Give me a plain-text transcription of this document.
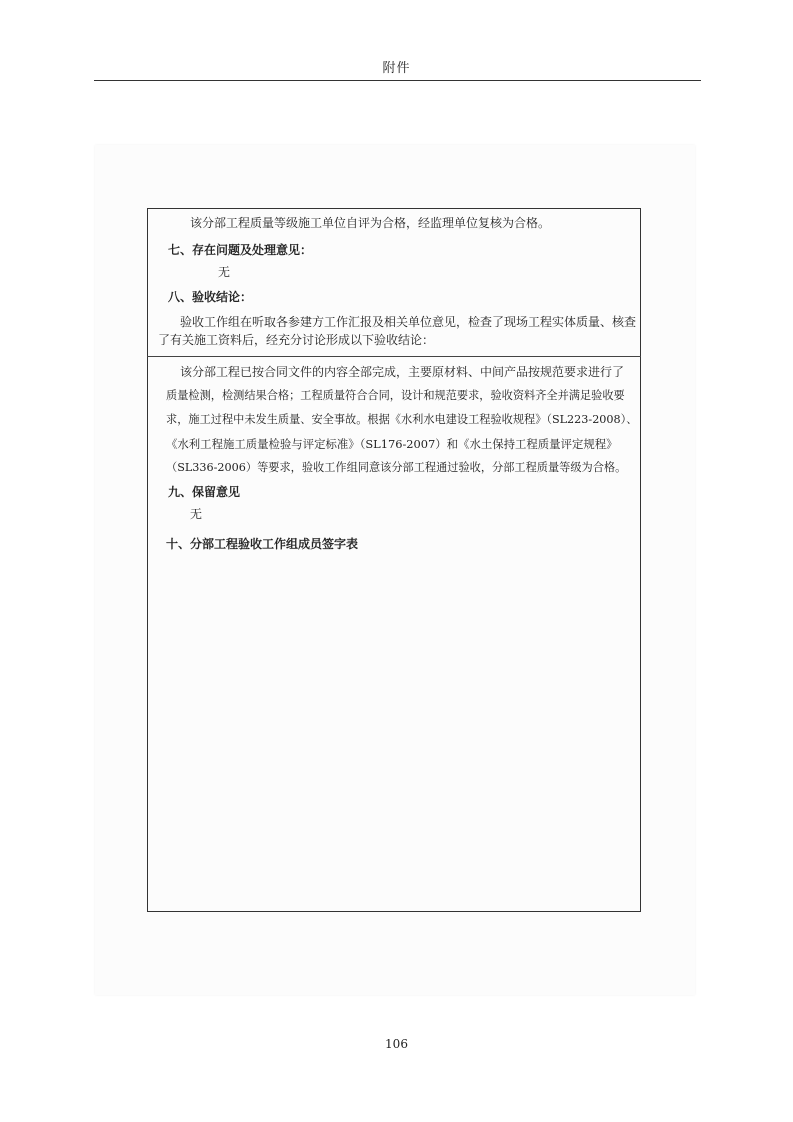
附件
该分部工程质量等级施工单位自评为合格，经监理单位复核为合格。
七、存在问题及处理意见：
无
八、验收结论：
验收工作组在听取各参建方工作汇报及相关单位意见，检查了现场工程实体质量、核查
了有关施工资料后，经充分讨论形成以下验收结论：
该分部工程已按合同文件的内容全部完成，主要原材料、中间产品按规范要求进行了
质量检测，检测结果合格；工程质量符合合同，设计和规范要求，验收资料齐全并满足验收要
求，施工过程中未发生质量、安全事故。根据《水利水电建设工程验收规程》（SL223-2008）、
《水利工程施工质量检验与评定标准》（SL176-2007）和《水土保持工程质量评定规程》
（SL336-2006）等要求，验收工作组同意该分部工程通过验收，分部工程质量等级为合格。
九、保留意见
无
十、分部工程验收工作组成员签字表
106
